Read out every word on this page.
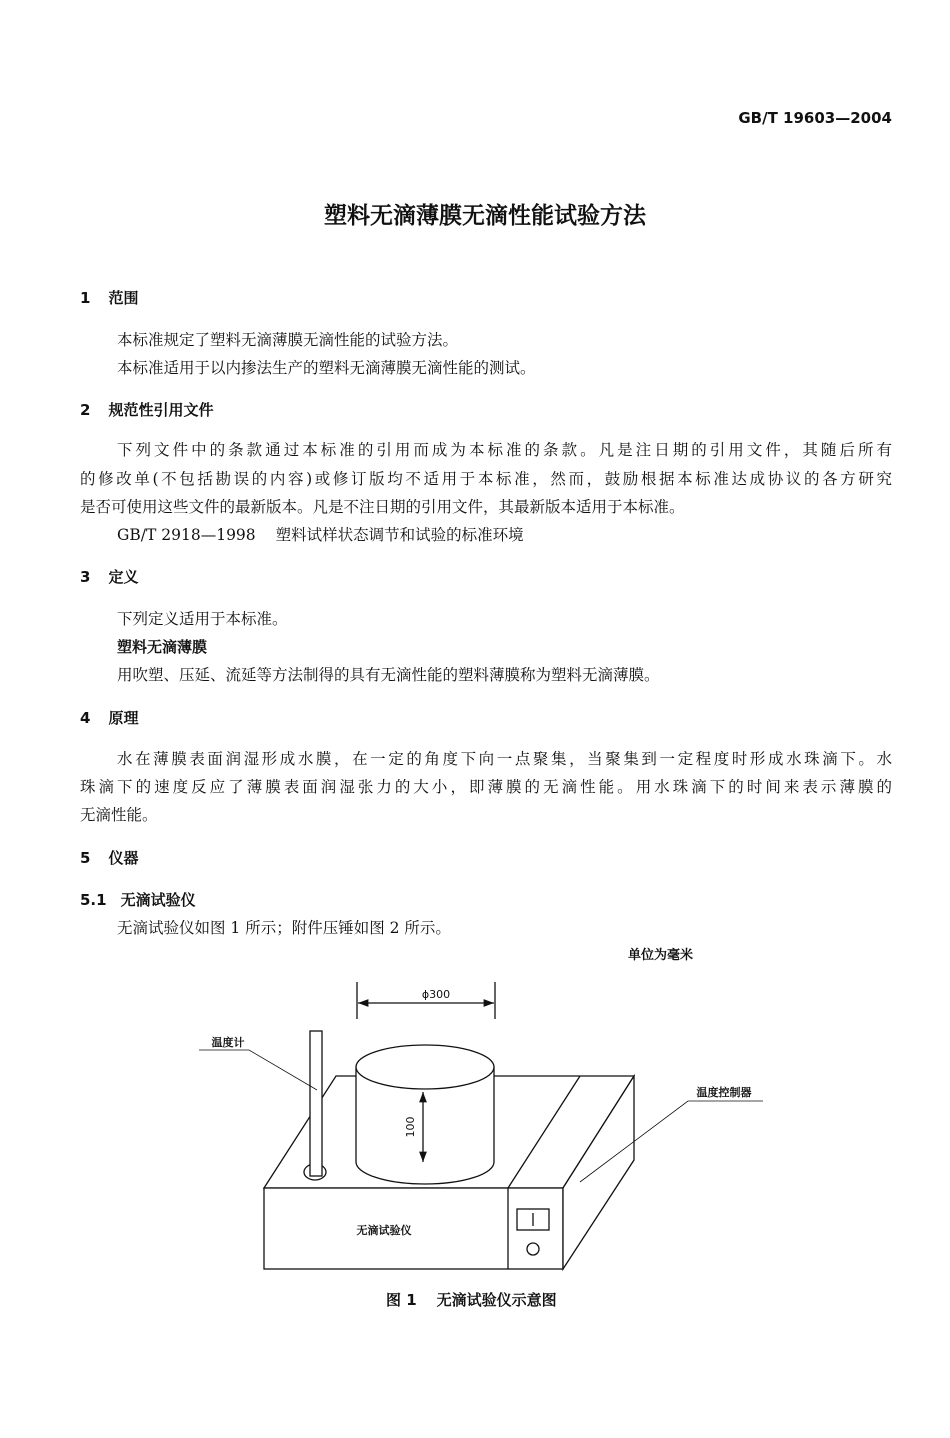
GB/T 19603—2004
塑料无滴薄膜无滴性能试验方法
1 范围
本标准规定了塑料无滴薄膜无滴性能的试验方法。
本标准适用于以内掺法生产的塑料无滴薄膜无滴性能的测试。
2 规范性引用文件
下列文件中的条款通过本标准的引用而成为本标准的条款。凡是注日期的引用文件，其随后所有
的修改单(不包括勘误的内容)或修订版均不适用于本标准，然而，鼓励根据本标准达成协议的各方研究
是否可使用这些文件的最新版本。凡是不注日期的引用文件，其最新版本适用于本标准。
GB/T 2918—1998 塑料试样状态调节和试验的标准环境
3 定义
下列定义适用于本标准。
塑料无滴薄膜
用吹塑、压延、流延等方法制得的具有无滴性能的塑料薄膜称为塑料无滴薄膜。
4 原理
水在薄膜表面润湿形成水膜，在一定的角度下向一点聚集，当聚集到一定程度时形成水珠滴下。水
珠滴下的速度反应了薄膜表面润湿张力的大小，即薄膜的无滴性能。用水珠滴下的时间来表示薄膜的
无滴性能。
5 仪器
5.1 无滴试验仪
无滴试验仪如图 1 所示；附件压锤如图 2 所示。
单位为毫米
ϕ300
100
温度计
温度控制器
无滴试验仪
图 1 无滴试验仪示意图
